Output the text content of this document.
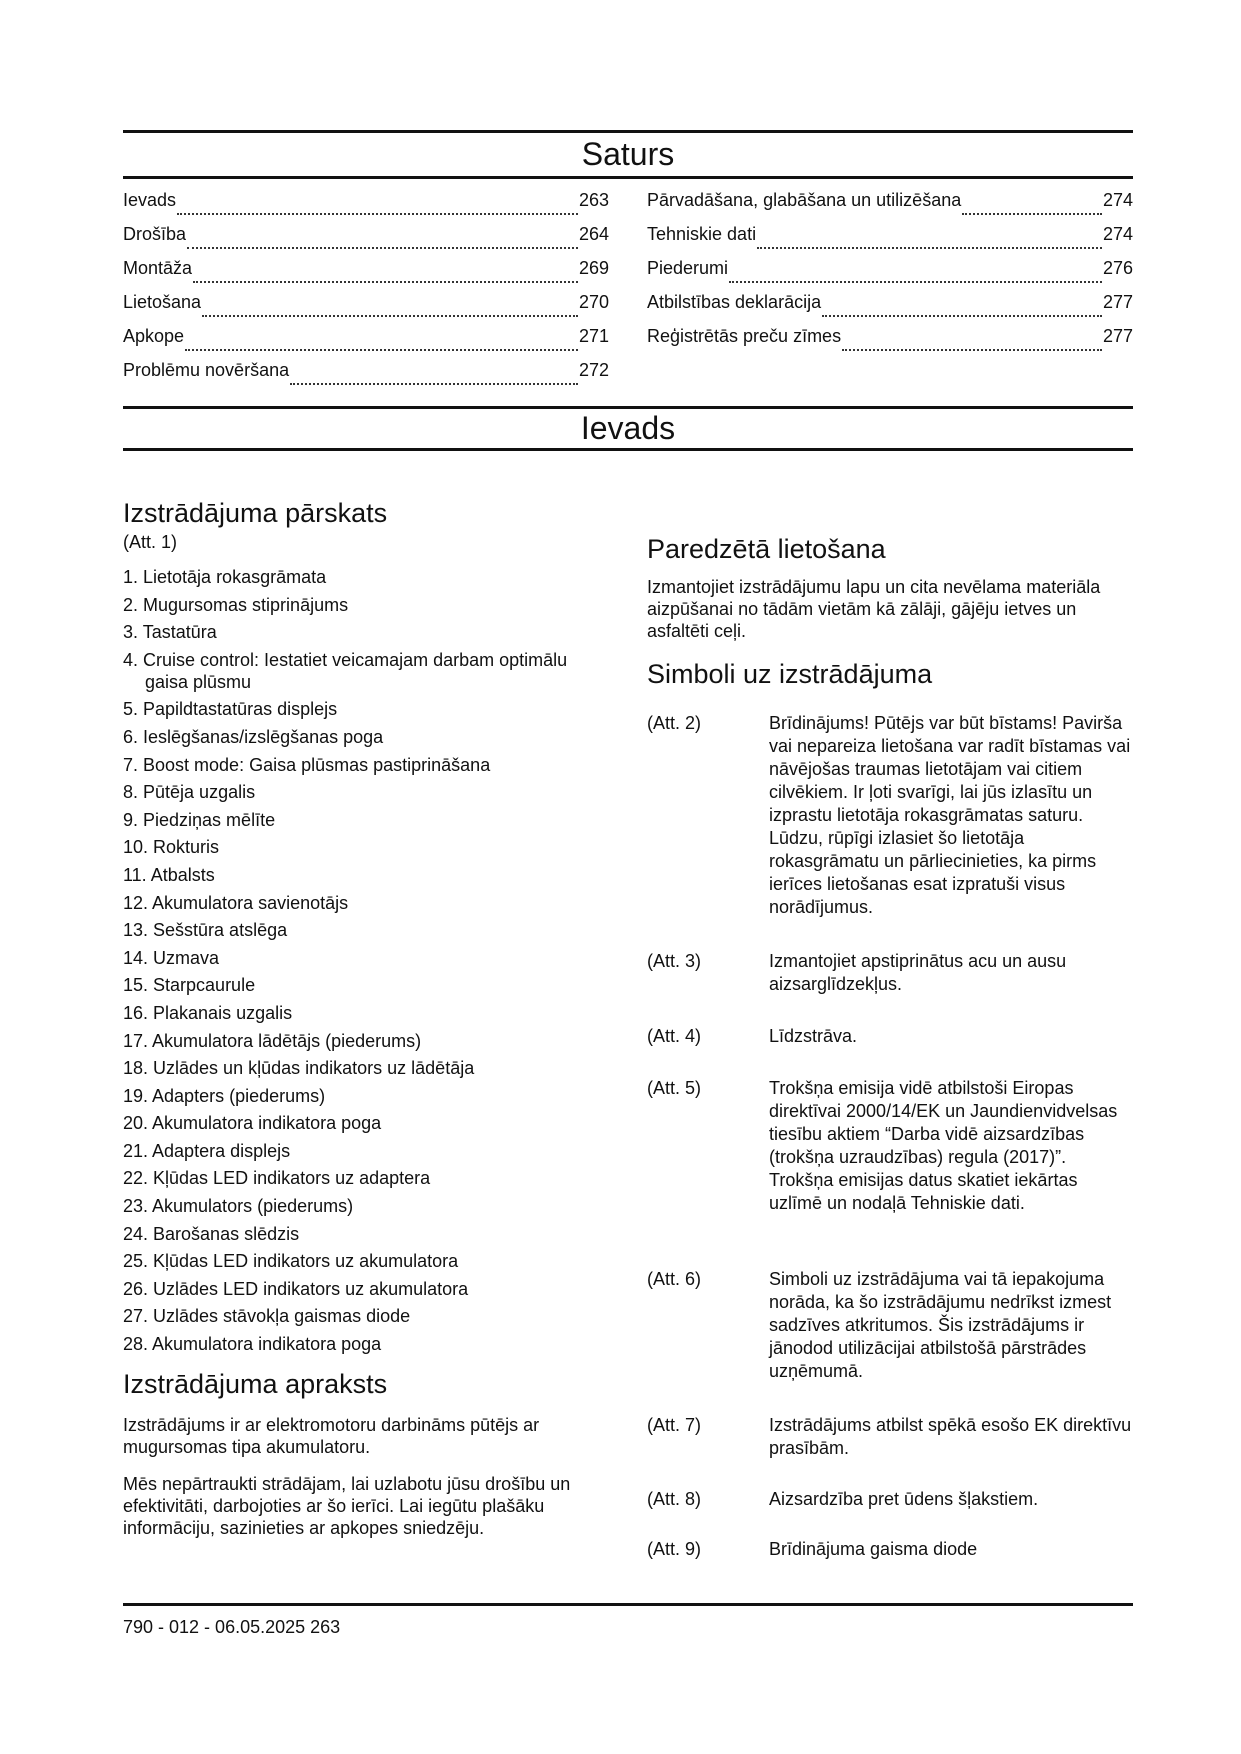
Saturs
Ievads	263
Drošība	264
Montāža	269
Lietošana	270
Apkope	271
Problēmu novēršana	272
Pārvadāšana, glabāšana un utilizēšana	274
Tehniskie dati	274
Piederumi	276
Atbilstības deklarācija	277
Reģistrētās preču zīmes	277
Ievads
Izstrādājuma pārskats
(Att. 1)
1. Lietotāja rokasgrāmata
2. Mugursomas stiprinājums
3. Tastatūra
4. Cruise control: Iestatiet veicamajam darbam optimālu gaisa plūsmu
5. Papildtastatūras displejs
6. Ieslēgšanas/izslēgšanas poga
7. Boost mode: Gaisa plūsmas pastiprināšana
8. Pūtēja uzgalis
9. Piedziņas mēlīte
10. Rokturis
11. Atbalsts
12. Akumulatora savienotājs
13. Sešstūra atslēga
14. Uzmava
15. Starpcaurule
16. Plakanais uzgalis
17. Akumulatora lādētājs (piederums)
18. Uzlādes un kļūdas indikators uz lādētāja
19. Adapters (piederums)
20. Akumulatora indikatora poga
21. Adaptera displejs
22. Kļūdas LED indikators uz adaptera
23. Akumulators (piederums)
24. Barošanas slēdzis
25. Kļūdas LED indikators uz akumulatora
26. Uzlādes LED indikators uz akumulatora
27. Uzlādes stāvokļa gaismas diode
28. Akumulatora indikatora poga
Izstrādājuma apraksts
Izstrādājums ir ar elektromotoru darbināms pūtējs ar mugursomas tipa akumulatoru.
Mēs nepārtraukti strādājam, lai uzlabotu jūsu drošību un efektivitāti, darbojoties ar šo ierīci. Lai iegūtu plašāku informāciju, sazinieties ar apkopes sniedzēju.
Paredzētā lietošana
Izmantojiet izstrādājumu lapu un cita nevēlama materiāla aizpūšanai no tādām vietām kā zālāji, gājēju ietves un asfaltēti ceļi.
Simboli uz izstrādājuma
(Att. 2)	Brīdinājums! Pūtējs var būt bīstams! Pavirša vai nepareiza lietošana var radīt bīstamas vai nāvējošas traumas lietotājam vai citiem cilvēkiem. Ir ļoti svarīgi, lai jūs izlasītu un izprastu lietotāja rokasgrāmatas saturu. Lūdzu, rūpīgi izlasiet šo lietotāja rokasgrāmatu un pārliecinieties, ka pirms ierīces lietošanas esat izpratuši visus norādījumus.
(Att. 3)	Izmantojiet apstiprinātus acu un ausu aizsarglīdzekļus.
(Att. 4)	Līdzstrāva.
(Att. 5)	Trokšņa emisija vidē atbilstoši Eiropas direktīvai 2000/14/EK un Jaundienvidvelsas tiesību aktiem “Darba vidē aizsardzības (trokšņa uzraudzības) regula (2017)”. Trokšņa emisijas datus skatiet iekārtas uzlīmē un nodaļā Tehniskie dati.
(Att. 6)	Simboli uz izstrādājuma vai tā iepakojuma norāda, ka šo izstrādājumu nedrīkst izmest sadzīves atkritumos. Šis izstrādājums ir jānodod utilizācijai atbilstošā pārstrādes uzņēmumā.
(Att. 7)	Izstrādājums atbilst spēkā esošo EK direktīvu prasībām.
(Att. 8)	Aizsardzība pret ūdens šļakstiem.
(Att. 9)	Brīdinājuma gaisma diode
790 - 012 - 06.05.2025 263
